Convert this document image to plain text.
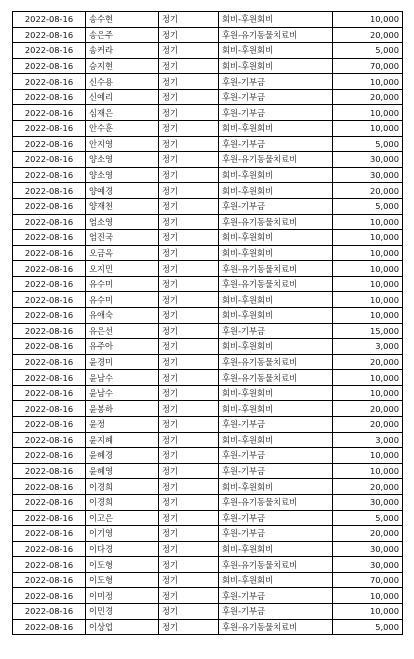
2022-08-16	송수현	정기	회비-후원회비	10,000
2022-08-16	송은주	정기	후원-유기동물치료비	20,000
2022-08-16	송커라	정기	회비-후원회비	5,000
2022-08-16	승지현	정기	회비-후원회비	70,000
2022-08-16	신수용	정기	후원-기부금	10,000
2022-08-16	신예리	정기	후원-기부금	20,000
2022-08-16	심재은	정기	후원-기부금	10,000
2022-08-16	안수훈	정기	회비-후원회비	10,000
2022-08-16	안지영	정기	후원-기부금	5,000
2022-08-16	양소영	정기	후원-유기동물치료비	30,000
2022-08-16	양소영	정기	회비-후원회비	30,000
2022-08-16	양예경	정기	회비-후원회비	20,000
2022-08-16	양재천	정기	후원-기부금	5,000
2022-08-16	엄소영	정기	후원-유기동물치료비	10,000
2022-08-16	엄진국	정기	회비-후원회비	10,000
2022-08-16	오금옥	정기	회비-후원회비	10,000
2022-08-16	오지민	정기	후원-유기동물치료비	10,000
2022-08-16	유수미	정기	후원-유기동물치료비	10,000
2022-08-16	유수미	정기	회비-후원회비	10,000
2022-08-16	유애숙	정기	회비-후원회비	10,000
2022-08-16	유은선	정기	후원-기부금	15,000
2022-08-16	유주아	정기	회비-후원회비	3,000
2022-08-16	윤경미	정기	후원-유기동물치료비	20,000
2022-08-16	윤남수	정기	후원-유기동물치료비	10,000
2022-08-16	윤남수	정기	회비-후원회비	10,000
2022-08-16	윤봉하	정기	회비-후원회비	20,000
2022-08-16	윤정	정기	후원-기부금	20,000
2022-08-16	윤지혜	정기	회비-후원회비	3,000
2022-08-16	윤혜경	정기	후원-기부금	10,000
2022-08-16	윤혜영	정기	후원-기부금	10,000
2022-08-16	이경희	정기	회비-후원회비	20,000
2022-08-16	이경희	정기	후원-유기동물치료비	30,000
2022-08-16	이고은	정기	후원-기부금	5,000
2022-08-16	이기영	정기	후원-기부금	20,000
2022-08-16	이다경	정기	회비-후원회비	30,000
2022-08-16	이도형	정기	후원-유기동물치료비	30,000
2022-08-16	이도형	정기	회비-후원회비	70,000
2022-08-16	이미정	정기	후원-기부금	10,000
2022-08-16	이민경	정기	후원-기부금	10,000
2022-08-16	이상업	정기	후원-유기동물치료비	5,000
